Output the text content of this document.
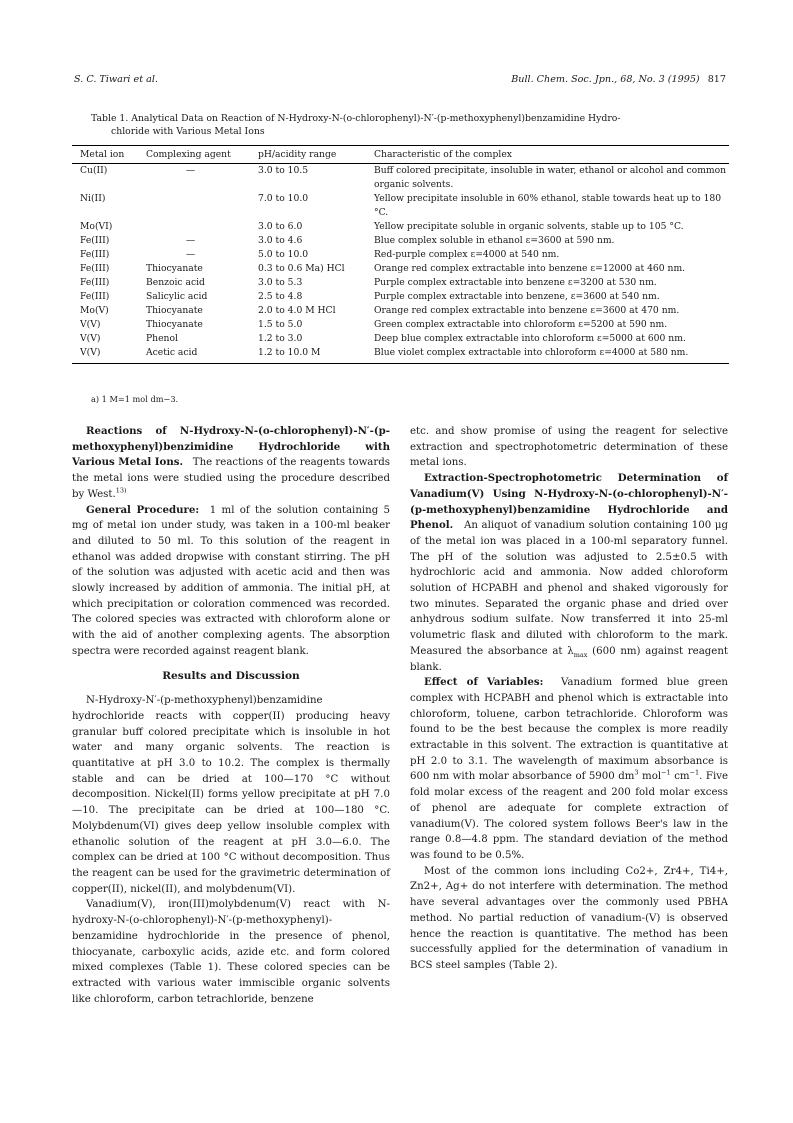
S. C. Tiwari et al.	Bull. Chem. Soc. Jpn., 68, No. 3 (1995) 817
Table 1. Analytical Data on Reaction of N-Hydroxy-N-(o-chlorophenyl)-N′-(p-methoxyphenyl)benzamidine Hydro-
chloride with Various Metal Ions
Metal ion	Complexing agent	pH/acidity range	Characteristic of the complex
Cu(II)	—	3.0 to 10.5	Buff colored precipitate, insoluble in water, ethanol or alcohol and common organic solvents.
Ni(II)		7.0 to 10.0	Yellow precipitate insoluble in 60% ethanol, stable towards heat up to 180 °C.
Mo(VI)		3.0 to 6.0	Yellow precipitate soluble in organic solvents, stable up to 105 °C.
Fe(III)	—	3.0 to 4.6	Blue complex soluble in ethanol ε=3600 at 590 nm.
Fe(III)	—	5.0 to 10.0	Red-purple complex ε=4000 at 540 nm.
Fe(III)	Thiocyanate	0.3 to 0.6 Ma) HCl	Orange red complex extractable into benzene ε=12000 at 460 nm.
Fe(III)	Benzoic acid	3.0 to 5.3	Purple complex extractable into benzene ε=3200 at 530 nm.
Fe(III)	Salicylic acid	2.5 to 4.8	Purple complex extractable into benzene, ε=3600 at 540 nm.
Mo(V)	Thiocyanate	2.0 to 4.0 M HCl	Orange red complex extractable into benzene ε=3600 at 470 nm.
V(V)	Thiocyanate	1.5 to 5.0	Green complex extractable into chloroform ε=5200 at 590 nm.
V(V)	Phenol	1.2 to 3.0	Deep blue complex extractable into chloroform ε=5000 at 600 nm.
V(V)	Acetic acid	1.2 to 10.0 M	Blue violet complex extractable into chloroform ε=4000 at 580 nm.
a) 1 M=1 mol dm−3.

Reactions of N-Hydroxy-N-(o-chlorophenyl)-N′-(p-methoxyphenyl)benzimidine Hydrochloride with Various Metal Ions. The reactions of the reagents towards the metal ions were studied using the procedure described by West.$^{13)}$

General Procedure: 1 ml of the solution containing 5 mg of metal ion under study, was taken in a 100-ml beaker and diluted to 50 ml. To this solution of the reagent in ethanol was added dropwise with constant stirring. The pH of the solution was adjusted with acetic acid and then was slowly increased by addition of ammonia. The initial pH, at which precipitation or coloration commenced was recorded. The colored species was extracted with chloroform alone or with the aid of another complexing agents. The absorption spectra were recorded against reagent blank.

Results and Discussion

N-Hydroxy-N′-(p-methoxyphenyl)benzamidine hydrochloride reacts with copper(II) producing heavy granular buff colored precipitate which is insoluble in hot water and many organic solvents. The reaction is quantitative at pH 3.0 to 10.2. The complex is thermally stable and can be dried at 100—170 °C without decomposition. Nickel(II) forms yellow precipitate at pH 7.0—10. The precipitate can be dried at 100—180 °C. Molybdenum(VI) gives deep yellow insoluble complex with ethanolic solution of the reagent at pH 3.0—6.0. The complex can be dried at 100 °C without decomposition. Thus the reagent can be used for the gravimetric determination of copper(II), nickel(II), and molybdenum(VI).

Vanadium(V), iron(III)molybdenum(V) react with N-hydroxy-N-(o-chlorophenyl)-N′-(p-methoxyphenyl)-benzamidine hydrochloride in the presence of phenol, thiocyanate, carboxylic acids, azide etc. and form colored mixed complexes (Table 1). These colored species can be extracted with various water immiscible organic solvents like chloroform, carbon tetrachloride, benzene

etc. and show promise of using the reagent for selective extraction and spectrophotometric determination of these metal ions.

Extraction-Spectrophotometric Determination of Vanadium(V) Using N-Hydroxy-N-(o-chlorophenyl)-N′-(p-methoxyphenyl)benzamidine Hydrochloride and Phenol. An aliquot of vanadium solution containing 100 μg of the metal ion was placed in a 100-ml separatory funnel. The pH of the solution was adjusted to 2.5±0.5 with hydrochloric acid and ammonia. Now added chloroform solution of HCPABH and phenol and shaked vigorously for two minutes. Separated the organic phase and dried over anhydrous sodium sulfate. Now transferred it into 25-ml volumetric flask and diluted with chloroform to the mark. Measured the absorbance at $\lambda_{max}$ (600 nm) against reagent blank.

Effect of Variables: Vanadium formed blue green complex with HCPABH and phenol which is extractable into chloroform, toluene, carbon tetrachloride. Chloroform was found to be the best because the complex is more readily extractable in this solvent. The extraction is quantitative at pH 2.0 to 3.1. The wavelength of maximum absorbance is 600 nm with molar absorbance of 5900 $dm^3$ mol$^{-1}$ $cm^{-1}$. Five fold molar excess of the reagent and 200 fold molar excess of phenol are adequate for complete extraction of vanadium(V). The colored system follows Beer's law in the range 0.8—4.8 ppm. The standard deviation of the method was found to be 0.5%.

Most of the common ions including Co2+, Zr4+, Ti4+, Zn2+, Ag+ do not interfere with determination. The method have several advantages over the commonly used PBHA method. No partial reduction of vanadium-(V) is observed hence the reaction is quantitative. The method has been successfully applied for the determination of vanadium in BCS steel samples (Table 2).
